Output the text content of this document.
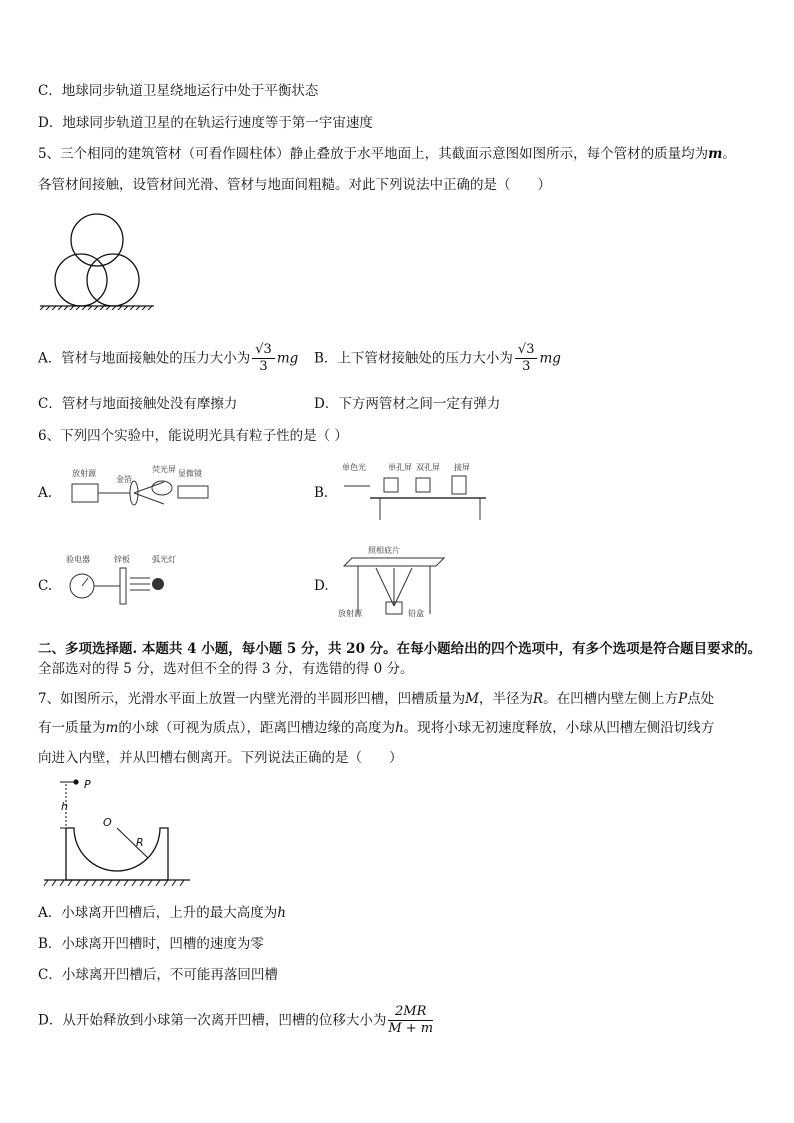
C．地球同步轨道卫星绕地运行中处于平衡状态
D．地球同步轨道卫星的在轨运行速度等于第一宇宙速度
5、三个相同的建筑管材（可看作圆柱体）静止叠放于水平地面上，其截面示意图如图所示，每个管材的质量均为m。
各管材间接触，设管材间光滑、管材与地面间粗糙。对此下列说法中正确的是（　　）
A．管材与地面接触处的压力大小为 $\frac{√3}{3}$ mg B．上下管材接触处的压力大小为 $\frac{√3}{3}$ mg
C．管材与地面接触处没有摩擦力	D．下方两管材之间一定有弹力
6、下列四个实验中，能说明光具有粒子性的是（ ）
A.
放射源	荧光屏
金箔
显微镜
B.
单色光	单孔屏 双孔屏 接屏
C.
验电器	锌板	弧光灯
D.
照相底片
放射源	铅盒
二、多项选择题. 本题共 4 小题，每小题 5 分，共 20 分。在每小题给出的四个选项中，有多个选项是符合题目要求的。
全部选对的得 5 分，选对但不全的得 3 分，有选错的得 0 分。
7、如图所示，光滑水平面上放置一内壁光滑的半圆形凹槽，凹槽质量为M，半径为R。在凹槽内壁左侧上方P点处
有一质量为m的小球（可视为质点），距离凹槽边缘的高度为h。现将小球无初速度释放，小球从凹槽左侧沿切线方
向进入内壁，并从凹槽右侧离开。下列说法正确的是（　　）
P
h
O
R
A．小球离开凹槽后，上升的最大高度为h
B．小球离开凹槽时，凹槽的速度为零
C．小球离开凹槽后，不可能再落回凹槽
D．从开始释放到小球第一次离开凹槽，凹槽的位移大小为 $\frac{2MR}{M + m}$
